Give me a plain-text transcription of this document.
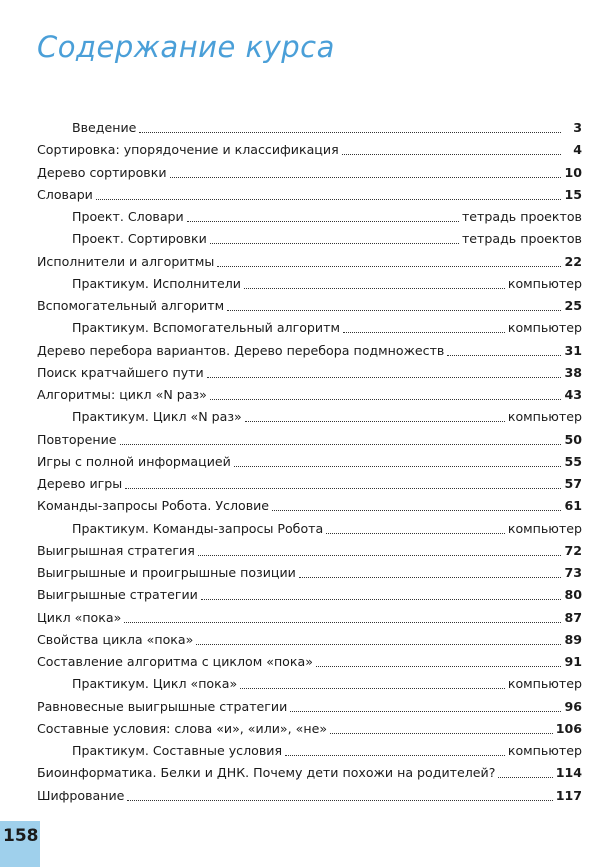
Содержание курса
Введение	3
Сортировка: упорядочение и классификация	4
Дерево сортировки	10
Словари	15
Проект. Словари	тетрадь проектов
Проект. Сортировки	тетрадь проектов
Исполнители и алгоритмы	22
Практикум. Исполнители	компьютер
Вспомогательный алгоритм	25
Практикум. Вспомогательный алгоритм	компьютер
Дерево перебора вариантов. Дерево перебора подмножеств	31
Поиск кратчайшего пути	38
Алгоритмы: цикл «N раз»	43
Практикум. Цикл «N раз»	компьютер
Повторение	50
Игры с полной информацией	55
Дерево игры	57
Команды-запросы Робота. Условие	61
Практикум. Команды-запросы Робота	компьютер
Выигрышная стратегия	72
Выигрышные и проигрышные позиции	73
Выигрышные стратегии	80
Цикл «пока»	87
Свойства цикла «пока»	89
Составление алгоритма с циклом «пока»	91
Практикум. Цикл «пока»	компьютер
Равновесные выигрышные стратегии	96
Составные условия: слова «и», «или», «не»	106
Практикум. Составные условия	компьютер
Биоинформатика. Белки и ДНК. Почему дети похожи на родителей?	114
Шифрование	117
158
